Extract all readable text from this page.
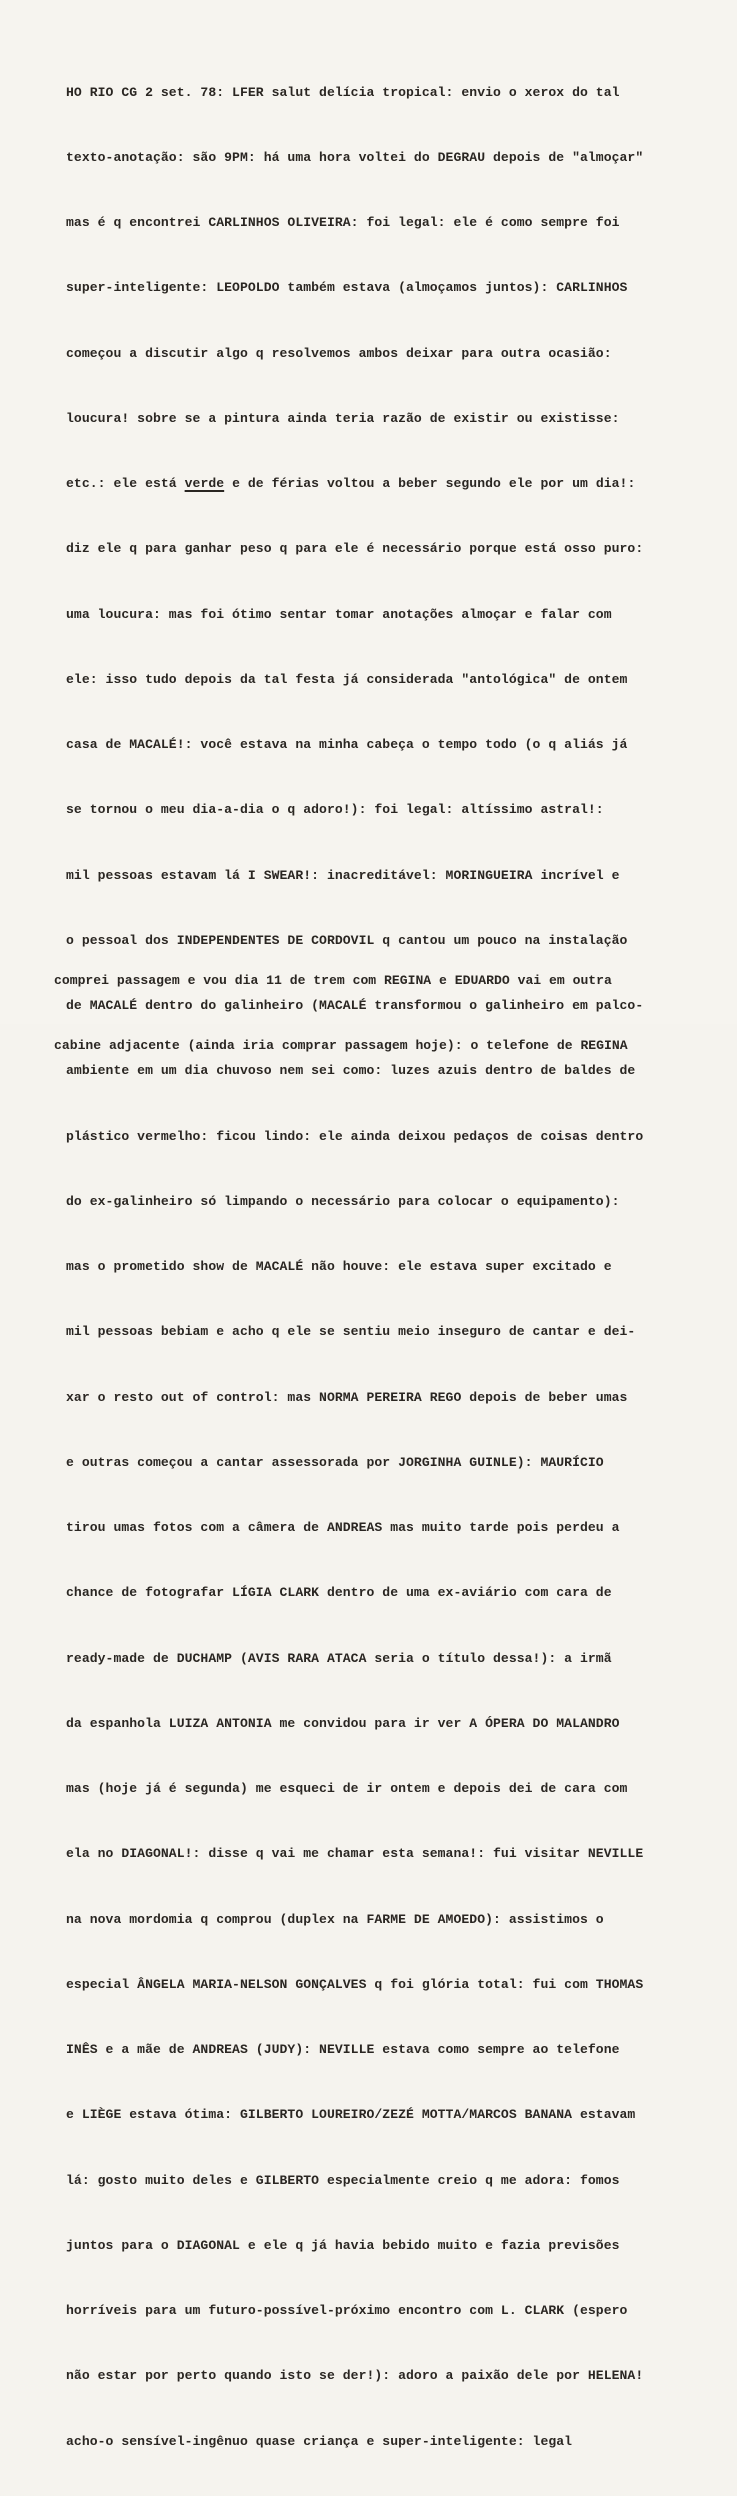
HO RIO CG 2 set. 78: LFER salut delícia tropical: envio o xerox do tal

texto-anotação: são 9PM: há uma hora voltei do DEGRAU depois de "almoçar"

mas é q encontrei CARLINHOS OLIVEIRA: foi legal: ele é como sempre foi

super-inteligente: LEOPOLDO também estava (almoçamos juntos): CARLINHOS

começou a discutir algo q resolvemos ambos deixar para outra ocasião:

loucura! sobre se a pintura ainda teria razão de existir ou existisse:

etc.: ele está verde e de férias voltou a beber segundo ele por um dia!:

diz ele q para ganhar peso q para ele é necessário porque está osso puro:

uma loucura: mas foi ótimo sentar tomar anotações almoçar e falar com

ele: isso tudo depois da tal festa já considerada "antológica" de ontem

casa de MACALÉ!: você estava na minha cabeça o tempo todo (o q aliás já

se tornou o meu dia-a-dia o q adoro!): foi legal: altíssimo astral!:

mil pessoas estavam lá I SWEAR!: inacreditável: MORINGUEIRA incrível e

o pessoal dos INDEPENDENTES DE CORDOVIL q cantou um pouco na instalação

de MACALÉ dentro do galinheiro (MACALÉ transformou o galinheiro em palco-

ambiente em um dia chuvoso nem sei como: luzes azuis dentro de baldes de

plástico vermelho: ficou lindo: ele ainda deixou pedaços de coisas dentro

do ex-galinheiro só limpando o necessário para colocar o equipamento):

mas o prometido show de MACALÉ não houve: ele estava super excitado e

mil pessoas bebiam e acho q ele se sentiu meio inseguro de cantar e dei-

xar o resto out of control: mas NORMA PEREIRA REGO depois de beber umas

e outras começou a cantar assessorada por JORGINHA GUINLE): MAURÍCIO

tirou umas fotos com a câmera de ANDREAS mas muito tarde pois perdeu a

chance de fotografar LÍGIA CLARK dentro de uma ex-aviário com cara de

ready-made de DUCHAMP (AVIS RARA ATACA seria o título dessa!): a irmã

da espanhola LUIZA ANTONIA me convidou para ir ver A ÓPERA DO MALANDRO

mas (hoje já é segunda) me esqueci de ir ontem e depois dei de cara com

ela no DIAGONAL!: disse q vai me chamar esta semana!: fui visitar NEVILLE

na nova mordomia q comprou (duplex na FARME DE AMOEDO): assistimos o

especial ÂNGELA MARIA-NELSON GONÇALVES q foi glória total: fui com THOMAS

INÊS e a mãe de ANDREAS (JUDY): NEVILLE estava como sempre ao telefone

e LIÈGE estava ótima: GILBERTO LOUREIRO/ZEZÉ MOTTA/MARCOS BANANA estavam

lá: gosto muito deles e GILBERTO especialmente creio q me adora: fomos

juntos para o DIAGONAL e ele q já havia bebido muito e fazia previsões

horríveis para um futuro-possível-próximo encontro com L. CLARK (espero

não estar por perto quando isto se der!): adoro a paixão dele por HELENA!

acho-o sensível-ingênuo quase criança e super-inteligente: legal

comprei passagem e vou dia 11 de trem com REGINA e EDUARDO vai em outra

cabine adjacente (ainda iria comprar passagem hoje): o telefone de REGINA
